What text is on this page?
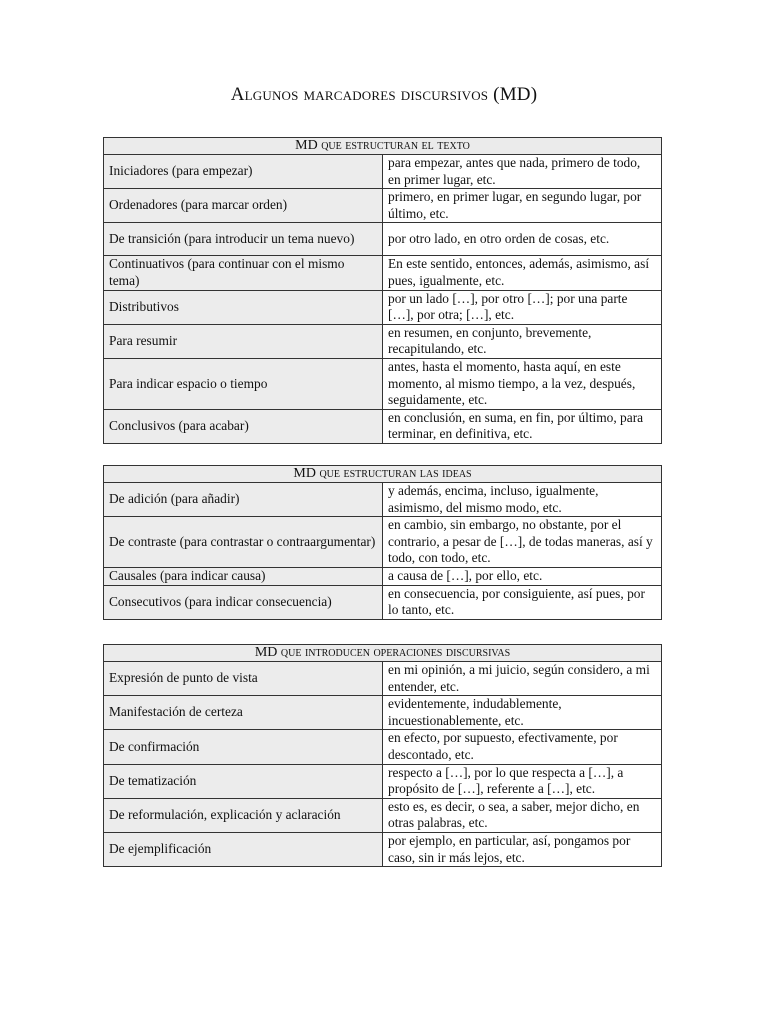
Algunos marcadores discursivos (MD)
MD que estructuran el texto	
Iniciadores (para empezar)	para empezar, antes que nada, primero de todo, en primer lugar, etc.
Ordenadores (para marcar orden)	primero, en primer lugar, en segundo lugar, por último, etc.
De transición (para introducir un tema nuevo)	por otro lado, en otro orden de cosas, etc.
Continuativos (para continuar con el mismo tema)	En este sentido, entonces, además, asimismo, así pues, igualmente, etc.
Distributivos	por un lado […], por otro […]; por una parte […], por otra; […], etc.
Para resumir	en resumen, en conjunto, brevemente, recapitulando, etc.
Para indicar espacio o tiempo	antes, hasta el momento, hasta aquí, en este momento, al mismo tiempo, a la vez, después, seguidamente, etc.
Conclusivos (para acabar)	en conclusión, en suma, en fin, por último, para terminar, en definitiva, etc.
MD que estructuran las ideas	
De adición (para añadir)	y además, encima, incluso, igualmente, asimismo, del mismo modo, etc.
De contraste (para contrastar o contraargumentar)	en cambio, sin embargo, no obstante, por el contrario, a pesar de […], de todas maneras, así y todo, con todo, etc.
Causales (para indicar causa)	a causa de […], por ello, etc.
Consecutivos (para indicar consecuencia)	en consecuencia, por consiguiente, así pues, por lo tanto, etc.
MD que introducen operaciones discursivas	
Expresión de punto de vista	en mi opinión, a mi juicio, según considero, a mi entender, etc.
Manifestación de certeza	evidentemente, indudablemente, incuestionablemente, etc.
De confirmación	en efecto, por supuesto, efectivamente, por descontado, etc.
De tematización	respecto a […], por lo que respecta a […], a propósito de […], referente a […], etc.
De reformulación, explicación y aclaración	esto es, es decir, o sea, a saber, mejor dicho, en otras palabras, etc.
De ejemplificación	por ejemplo, en particular, así, pongamos por caso, sin ir más lejos, etc.
